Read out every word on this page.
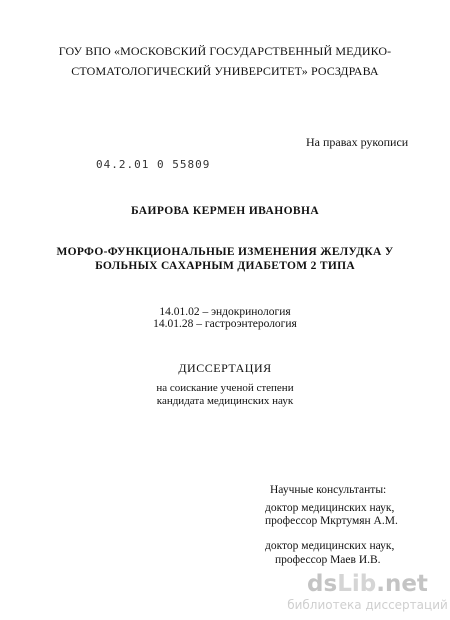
ГОУ ВПО «МОСКОВСКИЙ ГОСУДАРСТВЕННЫЙ МЕДИКО-
СТОМАТОЛОГИЧЕСКИЙ УНИВЕРСИТЕТ» РОСЗДРАВА
На правах рукописи
04.2.01 0 55809
БАИРОВА КЕРМЕН ИВАНОВНА
МОРФО-ФУНКЦИОНАЛЬНЫЕ ИЗМЕНЕНИЯ ЖЕЛУДКА У
БОЛЬНЫХ САХАРНЫМ ДИАБЕТОМ 2 ТИПА
14.01.02 – эндокринология
14.01.28 – гастроэнтерология
ДИССЕРТАЦИЯ
на соискание ученой степени
кандидата медицинских наук
Научные консультанты:
доктор медицинских наук,
профессор Мкртумян А.М.
доктор медицинских наук,
профессор Маев И.В.
dsLib.net
библиотека диссертаций
